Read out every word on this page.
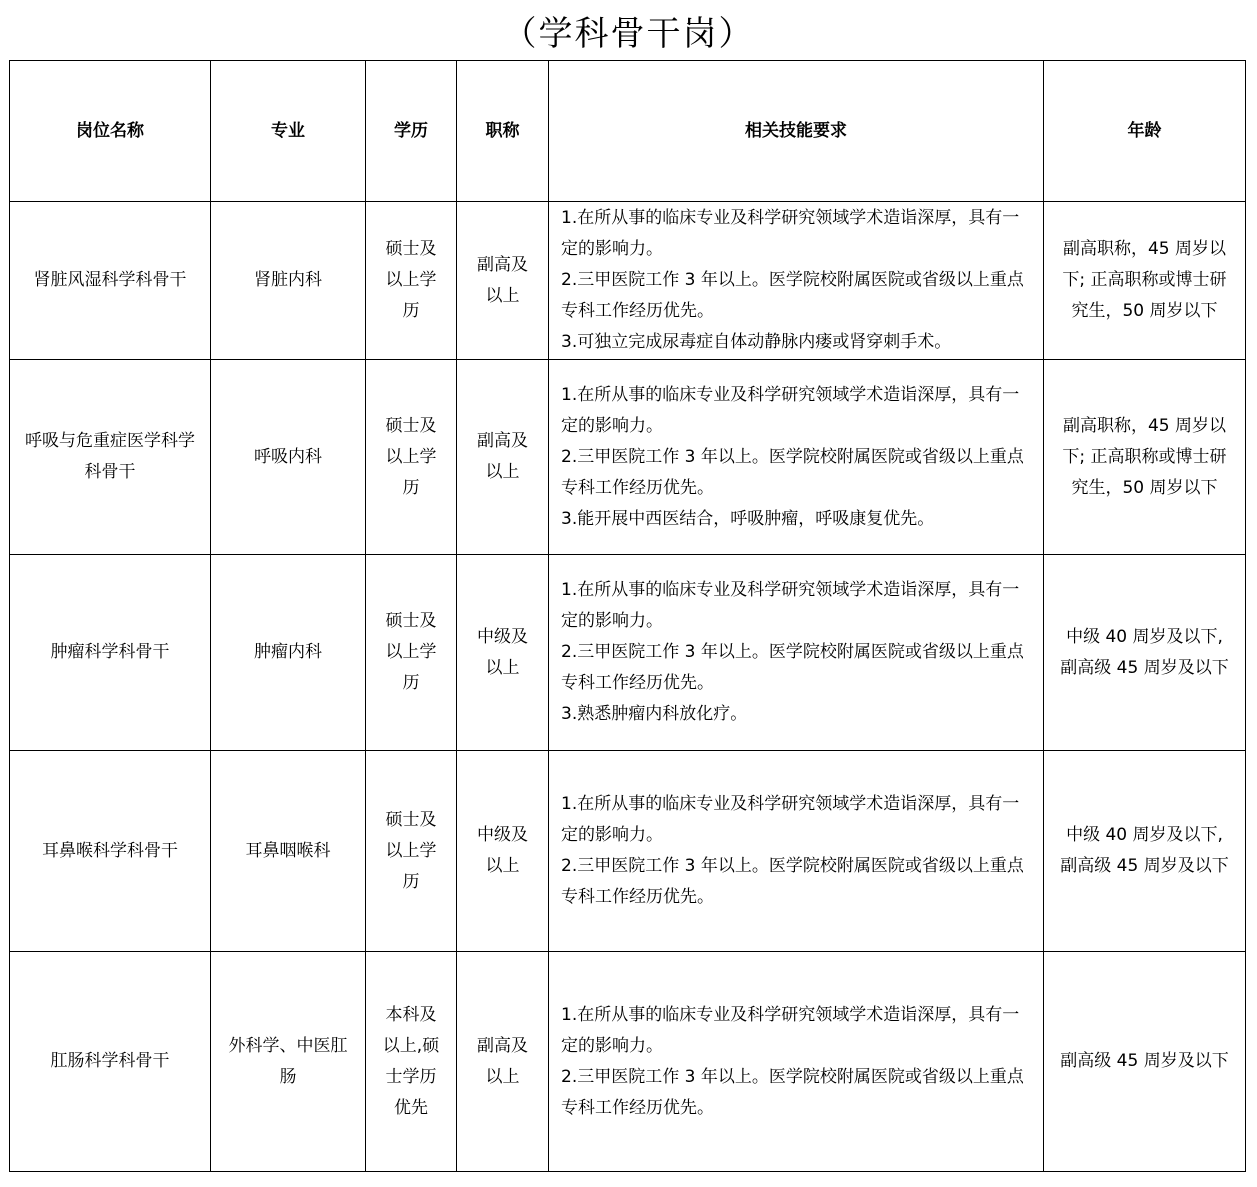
（学科骨干岗）
岗位名称	专业	学历	职称	相关技能要求	年龄
肾脏风湿科学科骨干	肾脏内科	硕士及以上学历	副高及以上	1.在所从事的临床专业及科学研究领域学术造诣深厚，具有一定的影响力。
2.三甲医院工作 3 年以上。医学院校附属医院或省级以上重点专科工作经历优先。
3.可独立完成尿毒症自体动静脉内瘘或肾穿刺手术。	副高职称，45 周岁以下; 正高职称或博士研究生，50 周岁以下
呼吸与危重症医学科学科骨干	呼吸内科	硕士及以上学历	副高及以上	1.在所从事的临床专业及科学研究领域学术造诣深厚，具有一定的影响力。
2.三甲医院工作 3 年以上。医学院校附属医院或省级以上重点专科工作经历优先。
3.能开展中西医结合，呼吸肿瘤，呼吸康复优先。	副高职称，45 周岁以下; 正高职称或博士研究生，50 周岁以下
肿瘤科学科骨干	肿瘤内科	硕士及以上学历	中级及以上	1.在所从事的临床专业及科学研究领域学术造诣深厚，具有一定的影响力。
2.三甲医院工作 3 年以上。医学院校附属医院或省级以上重点专科工作经历优先。
3.熟悉肿瘤内科放化疗。	中级 40 周岁及以下, 副高级 45 周岁及以下
耳鼻喉科学科骨干	耳鼻咽喉科	硕士及以上学历	中级及以上	1.在所从事的临床专业及科学研究领域学术造诣深厚，具有一定的影响力。
2.三甲医院工作 3 年以上。医学院校附属医院或省级以上重点专科工作经历优先。	中级 40 周岁及以下, 副高级 45 周岁及以下
肛肠科学科骨干	外科学、中医肛肠	本科及以上,硕士学历优先	副高及以上	1.在所从事的临床专业及科学研究领域学术造诣深厚，具有一定的影响力。
2.三甲医院工作 3 年以上。医学院校附属医院或省级以上重点专科工作经历优先。	副高级 45 周岁及以下
